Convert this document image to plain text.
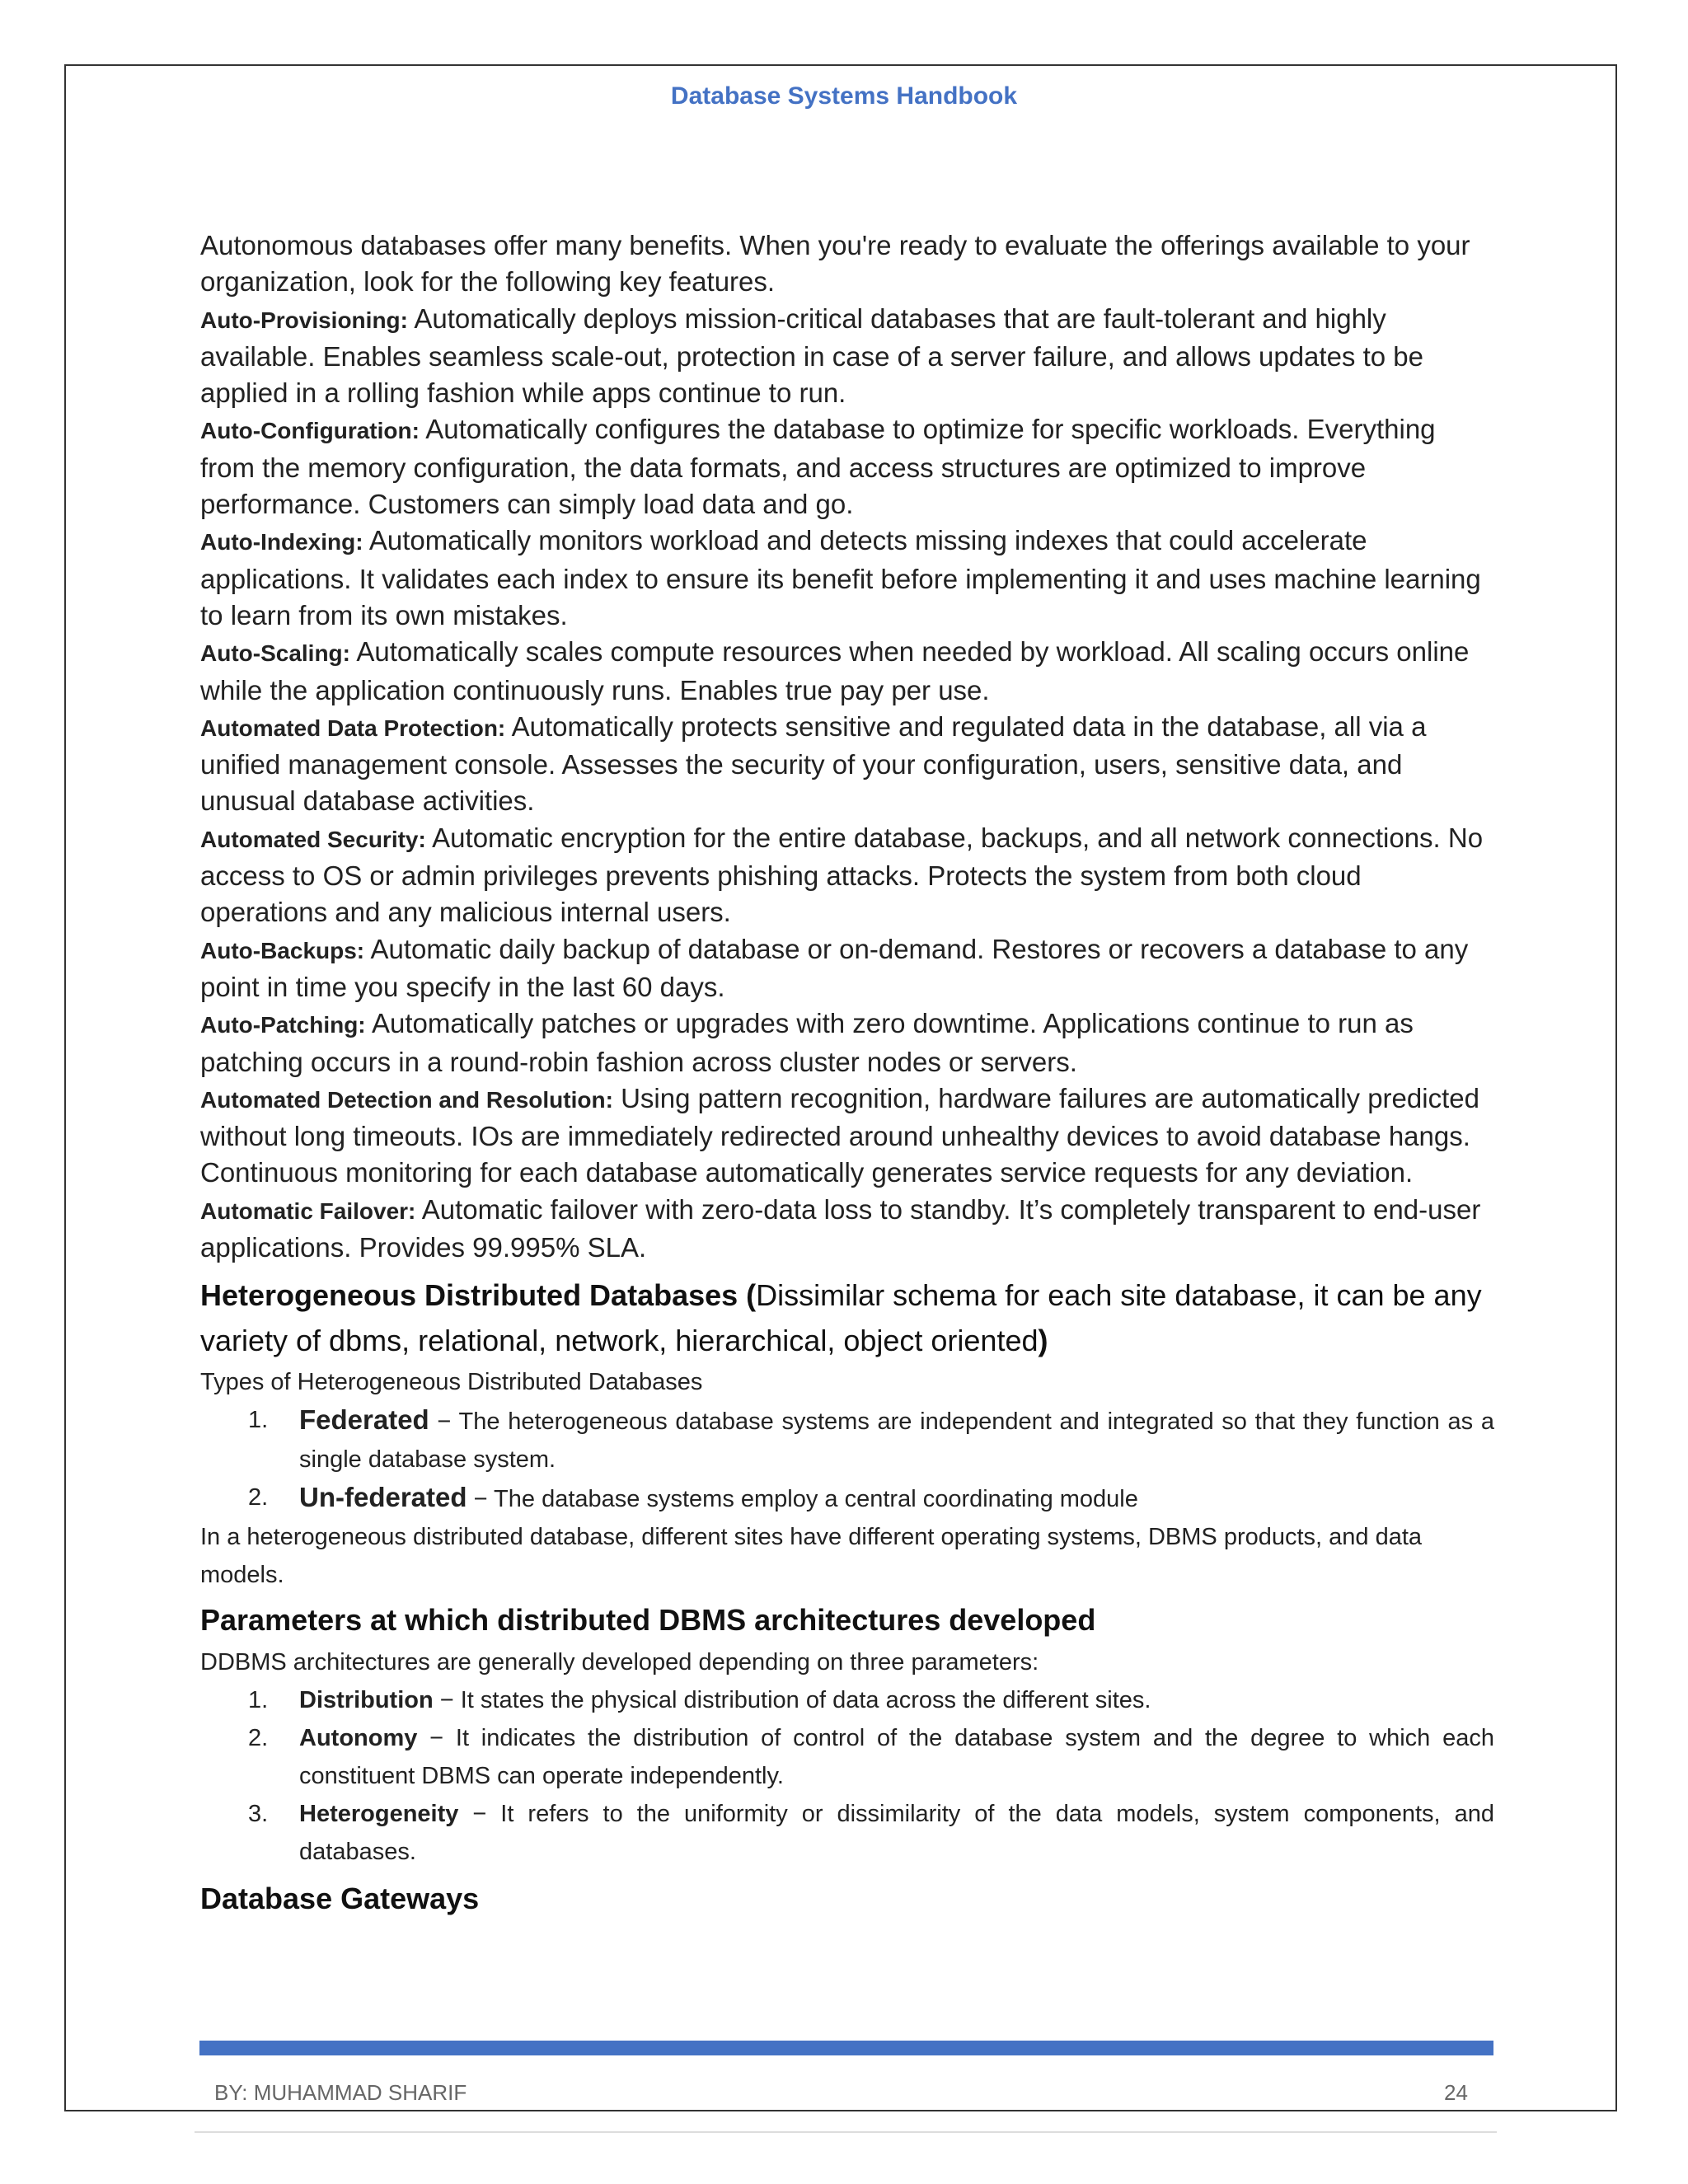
Database Systems Handbook

Autonomous databases offer many benefits. When you're ready to evaluate the offerings available to your organization, look for the following key features.

Auto-Provisioning: Automatically deploys mission-critical databases that are fault-tolerant and highly available. Enables seamless scale-out, protection in case of a server failure, and allows updates to be applied in a rolling fashion while apps continue to run.

Auto-Configuration: Automatically configures the database to optimize for specific workloads. Everything from the memory configuration, the data formats, and access structures are optimized to improve performance. Customers can simply load data and go.

Auto-Indexing: Automatically monitors workload and detects missing indexes that could accelerate applications. It validates each index to ensure its benefit before implementing it and uses machine learning to learn from its own mistakes.

Auto-Scaling: Automatically scales compute resources when needed by workload. All scaling occurs online while the application continuously runs. Enables true pay per use.

Automated Data Protection: Automatically protects sensitive and regulated data in the database, all via a unified management console. Assesses the security of your configuration, users, sensitive data, and unusual database activities.

Automated Security: Automatic encryption for the entire database, backups, and all network connections. No access to OS or admin privileges prevents phishing attacks. Protects the system from both cloud operations and any malicious internal users.

Auto-Backups: Automatic daily backup of database or on-demand. Restores or recovers a database to any point in time you specify in the last 60 days.

Auto-Patching: Automatically patches or upgrades with zero downtime. Applications continue to run as patching occurs in a round-robin fashion across cluster nodes or servers.

Automated Detection and Resolution: Using pattern recognition, hardware failures are automatically predicted without long timeouts. IOs are immediately redirected around unhealthy devices to avoid database hangs. Continuous monitoring for each database automatically generates service requests for any deviation.

Automatic Failover: Automatic failover with zero-data loss to standby. It’s completely transparent to end-user applications. Provides 99.995% SLA.

Heterogeneous Distributed Databases (Dissimilar schema for each site database, it can be any variety of dbms, relational, network, hierarchical, object oriented)

Types of Heterogeneous Distributed Databases

1. Federated − The heterogeneous database systems are independent and integrated so that they function as a single database system.
2. Un-federated − The database systems employ a central coordinating module

In a heterogeneous distributed database, different sites have different operating systems, DBMS products, and data models.

Parameters at which distributed DBMS architectures developed

DDBMS architectures are generally developed depending on three parameters:

1. Distribution − It states the physical distribution of data across the different sites.
2. Autonomy − It indicates the distribution of control of the database system and the degree to which each constituent DBMS can operate independently.
3. Heterogeneity − It refers to the uniformity or dissimilarity of the data models, system components, and databases.
Database Gateways
BY: MUHAMMAD SHARIF	24
